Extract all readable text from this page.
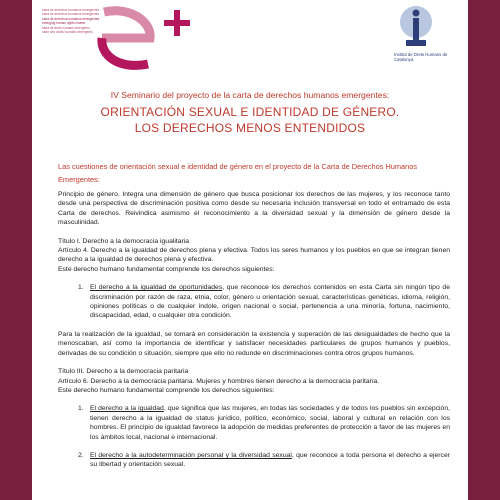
carta de derechos humanos emergentes
carta de derechos humanos emergentes
carta de derechos humanos emergentes
emerging human rights charter
carta de drets humans emergents
carte des droits humains émergents
Institut de Drets Humans de Catalunya
IV Seminario del proyecto de la carta de derechos humanos emergentes:
ORIENTACIÓN SEXUAL E IDENTIDAD DE GÉNERO.
LOS DERECHOS MENOS ENTENDIDOS
Las cuestiones de orientación sexual e identidad de género en el proyecto de la Carta de Derechos Humanos Emergentes:

Principio de género. Integra una dimensión de género que busca posicionar los derechos de las mujeres, y los reconoce tanto desde una perspectiva de discriminación positiva como desde su necesaria inclusión transversal en todo el entramado de esta Carta de derechos. Reivindica asimismo el reconocimiento a la diversidad sexual y la dimensión de género desde la masculinidad.

Título I. Derecho a la democracia igualitaria

Artículo 4. Derecho a la igualdad de derechos plena y efectiva. Todos los seres humanos y los pueblos en que se integran tienen derecho a la igualdad de derechos plena y efectiva.

Este derecho humano fundamental comprende los derechos siguientes:

1. El derecho a la igualdad de oportunidades, que reconoce los derechos contenidos en esta Carta sin ningún tipo de discriminación por razón de raza, etnia, color, género u orientación sexual, características genéticas, idioma, religión, opiniones políticas o de cualquier índole, origen nacional o social, pertenencia a una minoría, fortuna, nacimiento, discapacidad, edad, o cualquier otra condición.

Para la realización de la igualdad, se tomará en consideración la existencia y superación de las desigualdades de hecho que la menoscaban, así como la importancia de identificar y satisfacer necesidades particulares de grupos humanos y pueblos, derivadas de su condición o situación, siempre que ello no redunde en discriminaciones contra otros grupos humanos.

Título III. Derecho a la democracia paritaria

Artículo 6. Derecho a la democracia paritaria. Mujeres y hombres tienen derecho a la democracia paritaria.

Este derecho humano fundamental comprende los derechos siguientes:

1. El derecho a la igualdad, que significa que las mujeres, en todas las sociedades y de todos los pueblos sin excepción, tienen derecho a la igualdad de status jurídico, político, económico, social, laboral y cultural en relación con los hombres. El principio de igualdad favorece la adopción de medidas preferentes de protección a favor de las mujeres en los ámbitos local, nacional e internacional.
2. El derecho a la autodeterminación personal y la diversidad sexual, que reconoce a toda persona el derecho a ejercer su libertad y orientación sexual.
